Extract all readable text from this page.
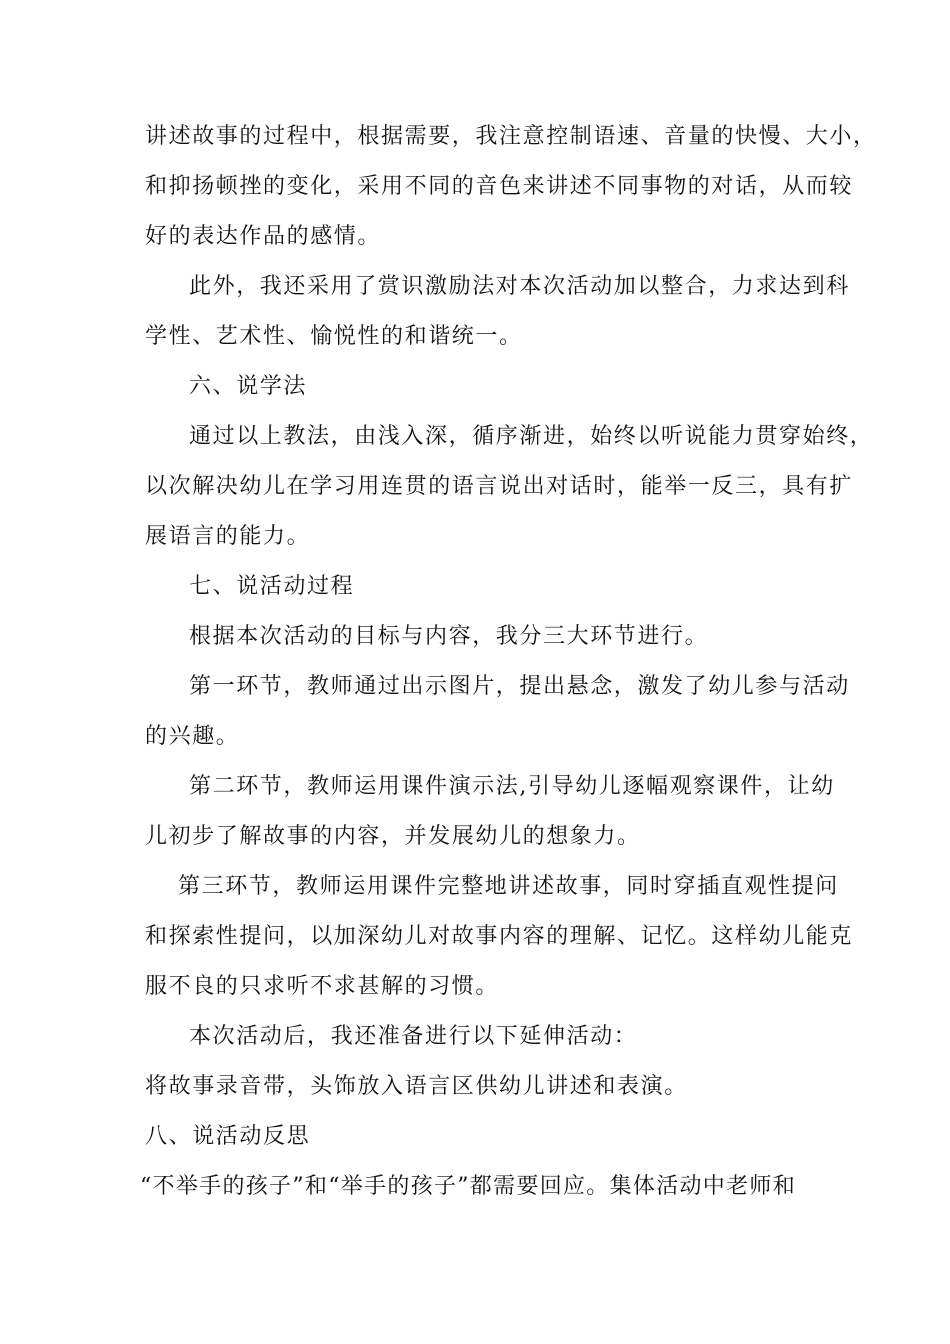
讲述故事的过程中，根据需要，我注意控制语速、音量的快慢、大小，
和抑扬顿挫的变化，采用不同的音色来讲述不同事物的对话，从而较
好的表达作品的感情。
此外，我还采用了赏识激励法对本次活动加以整合，力求达到科
学性、艺术性、愉悦性的和谐统一。
六、说学法
通过以上教法，由浅入深，循序渐进，始终以听说能力贯穿始终，
以次解决幼儿在学习用连贯的语言说出对话时，能举一反三，具有扩
展语言的能力。
七、说活动过程
根据本次活动的目标与内容，我分三大环节进行。
第一环节，教师通过出示图片，提出悬念，激发了幼儿参与活动
的兴趣。
第二环节，教师运用课件演示法,引导幼儿逐幅观察课件，让幼
儿初步了解故事的内容，并发展幼儿的想象力。
第三环节，教师运用课件完整地讲述故事，同时穿插直观性提问
和探索性提问，以加深幼儿对故事内容的理解、记忆。这样幼儿能克
服不良的只求听不求甚解的习惯。
本次活动后，我还准备进行以下延伸活动：
将故事录音带，头饰放入语言区供幼儿讲述和表演。
八、说活动反思
“不举手的孩子”和“举手的孩子”都需要回应。集体活动中老师和
